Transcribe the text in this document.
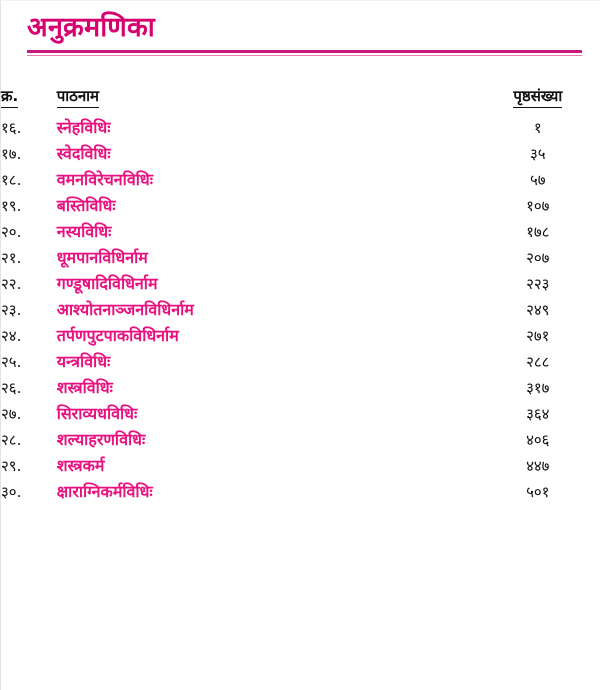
अनुक्रमणिका
क्र.	पाठनाम	पृष्ठसंख्या
१६.	स्नेहविधिः	१
१७.	स्वेदविधिः	३५
१८.	वमनविरेचनविधिः	५७
१९.	बस्तिविधिः	१०७
२०.	नस्यविधिः	१७८
२१.	धूमपानविधिर्नाम	२०७
२२.	गण्डूषादिविधिर्नाम	२२३
२३.	आश्योतनाञ्जनविधिर्नाम	२४९
२४.	तर्पणपुटपाकविधिर्नाम	२७१
२५.	यन्त्रविधिः	२८८
२६.	शस्त्रविधिः	३१७
२७.	सिराव्यधविधिः	३६४
२८.	शल्याहरणविधिः	४०६
२९.	शस्त्रकर्म	४४७
३०.	क्षाराग्निकर्मविधिः	५०१
